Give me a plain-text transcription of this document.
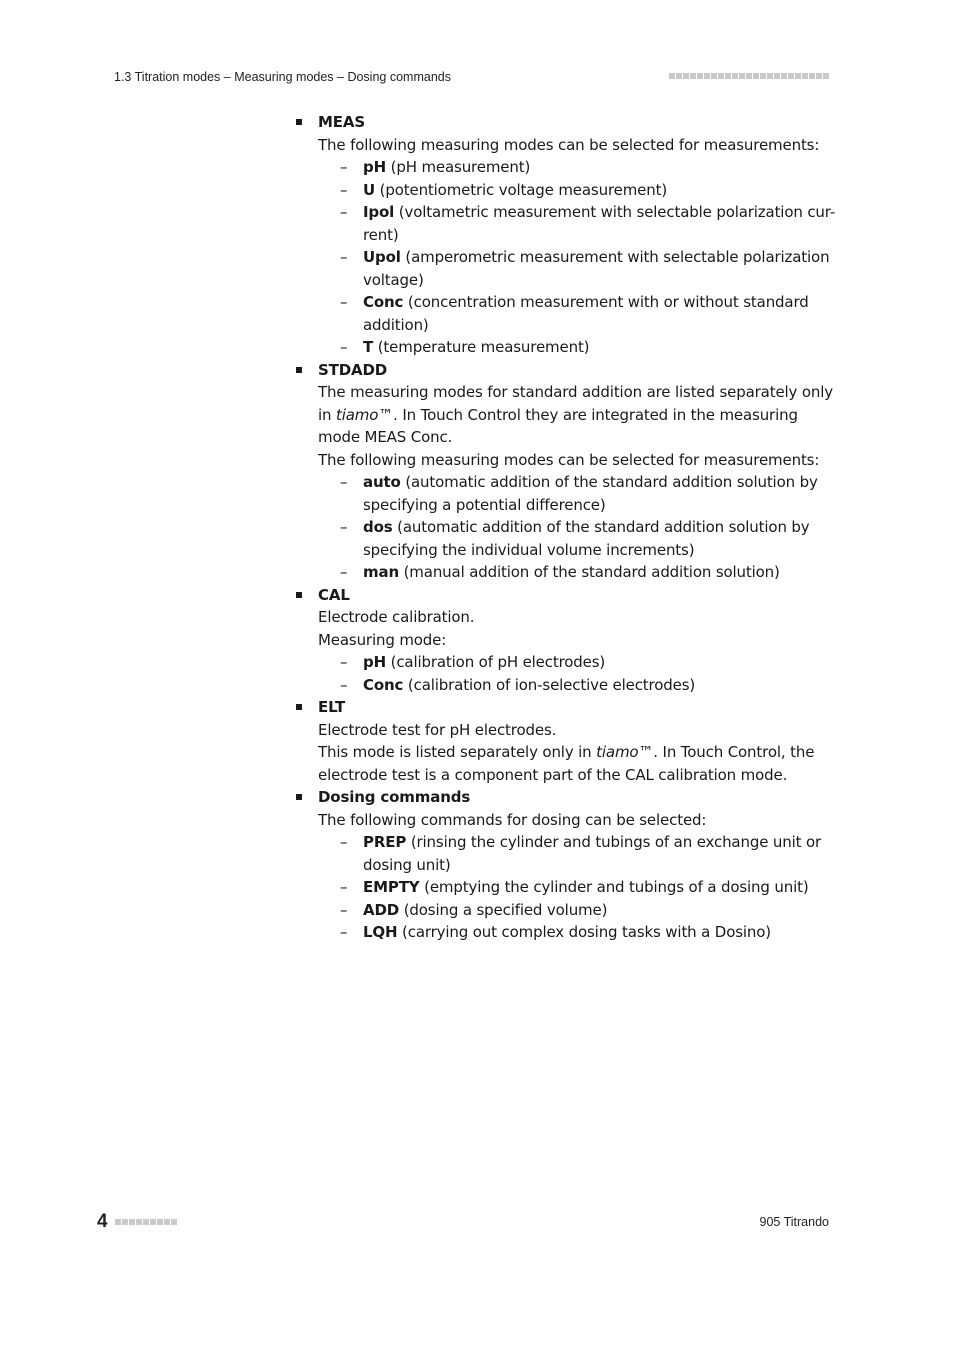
1.3 Titration modes – Measuring modes – Dosing commands
MEAS
The following measuring modes can be selected for measurements:
– pH (pH measurement)
– U (potentiometric voltage measurement)
– Ipol (voltametric measurement with selectable polarization cur- rent)
– Upol (amperometric measurement with selectable polarization voltage)
– Conc (concentration measurement with or without standard addition)
– T (temperature measurement)
STDADD
The measuring modes for standard addition are listed separately only in tiamo™. In Touch Control they are integrated in the measuring mode MEAS Conc.
The following measuring modes can be selected for measurements:
– auto (automatic addition of the standard addition solution by specifying a potential difference)
– dos (automatic addition of the standard addition solution by specifying the individual volume increments)
– man (manual addition of the standard addition solution)
CAL
Electrode calibration.
Measuring mode:
– pH (calibration of pH electrodes)
– Conc (calibration of ion-selective electrodes)
ELT
Electrode test for pH electrodes.
This mode is listed separately only in tiamo™. In Touch Control, the electrode test is a component part of the CAL calibration mode.
Dosing commands
The following commands for dosing can be selected:
– PREP (rinsing the cylinder and tubings of an exchange unit or dosing unit)
– EMPTY (emptying the cylinder and tubings of a dosing unit)
– ADD (dosing a specified volume)
– LQH (carrying out complex dosing tasks with a Dosino)
4	905 Titrando
